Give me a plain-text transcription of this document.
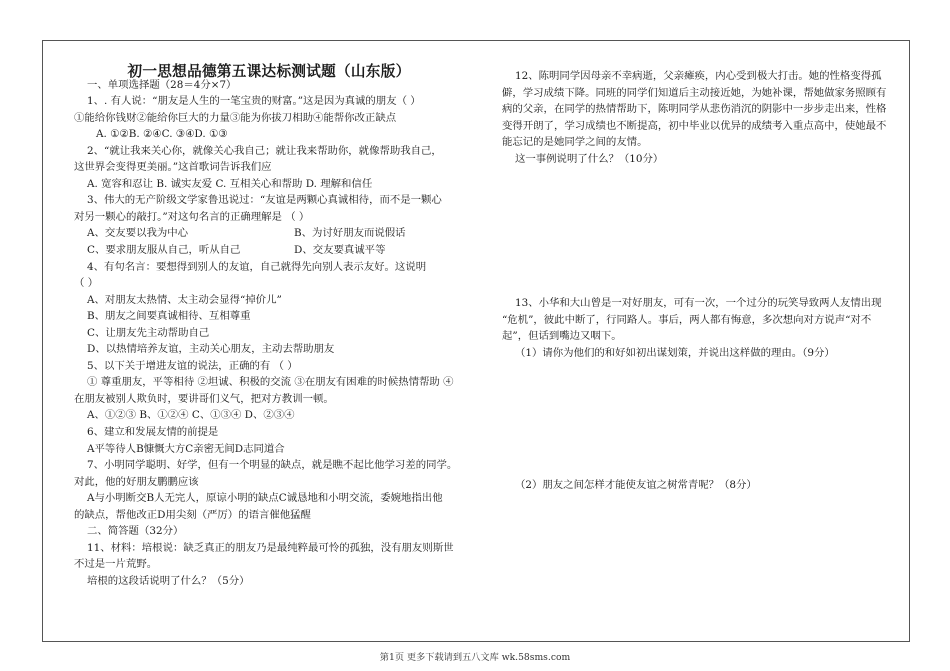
初一思想品德第五课达标测试题（山东版）
一、单项选择题（28＝4分×7）
1、. 有人说：“朋友是人生的一笔宝贵的财富。”这是因为真诚的朋友（ ）
①能给你钱财②能给你巨大的力量③能为你拔刀相助④能帮你改正缺点
A. ①②B. ②④C. ③④D. ①③
2、“就让我来关心你，就像关心我自己；就让我来帮助你，就像帮助我自己，
这世界会变得更美丽。”这首歌词告诉我们应
A. 宽容和忍让 B. 诚实友爱 C. 互相关心和帮助 D. 理解和信任
3、伟大的无产阶级文学家鲁迅说过：“友谊是两颗心真诚相待，而不是一颗心
对另一颗心的敲打。”对这句名言的正确理解是 （ ）
A、交友要以我为中心	B、为讨好朋友而说假话
C、要求朋友服从自己，听从自己	D、交友要真诚平等
4、有句名言：要想得到别人的友谊，自己就得先向别人表示友好。这说明
（ ）
A、对朋友太热情、太主动会显得“掉价儿”
B、朋友之间要真诚相待、互相尊重
C、让朋友先主动帮助自己
D、以热情培养友谊，主动关心朋友，主动去帮助朋友
5、以下关于增进友谊的说法，正确的有 （ ）
① 尊重朋友，平等相待 ②坦诚、积极的交流 ③在朋友有困难的时候热情帮助 ④
在朋友被别人欺负时，要讲哥们义气，把对方教训一顿。
A、①②③ B、①②④ C、①③④ D、②③④
6、建立和发展友情的前提是
A平等待人B慷慨大方C亲密无间D志同道合
7、小明同学聪明、好学，但有一个明显的缺点，就是瞧不起比他学习差的同学。
对此，他的好朋友鹏鹏应该
A与小明断交B人无完人，原谅小明的缺点C诚恳地和小明交流，委婉地指出他
的缺点，帮他改正D用尖刻（严厉）的语言催他猛醒
二、简答题（32分）
11、材料：培根说：缺乏真正的朋友乃是最纯粹最可怜的孤独，没有朋友则斯世
不过是一片荒野。
培根的这段话说明了什么？（5分）
12、陈明同学因母亲不幸病逝，父亲瘫痪，内心受到极大打击。她的性格变得孤
僻，学习成绩下降。同班的同学们知道后主动接近她，为她补课，帮她做家务照顾有
病的父亲，在同学的热情帮助下，陈明同学从悲伤消沉的阴影中一步步走出来，性格
变得开朗了，学习成绩也不断提高，初中毕业以优异的成绩考入重点高中，使她最不
能忘记的是她同学之间的友情。
这一事例说明了什么？（10分）
13、小华和大山曾是一对好朋友，可有一次，一个过分的玩笑导致两人友情出现
“危机”，彼此中断了，行同路人。事后，两人都有悔意，多次想向对方说声“对不
起”，但话到嘴边又咽下。
（1）请你为他们的和好如初出谋划策，并说出这样做的理由。（9分）
（2）朋友之间怎样才能使友谊之树常青呢？（8分）
第1页 更多下载请到五八文库 wk.58sms.com
